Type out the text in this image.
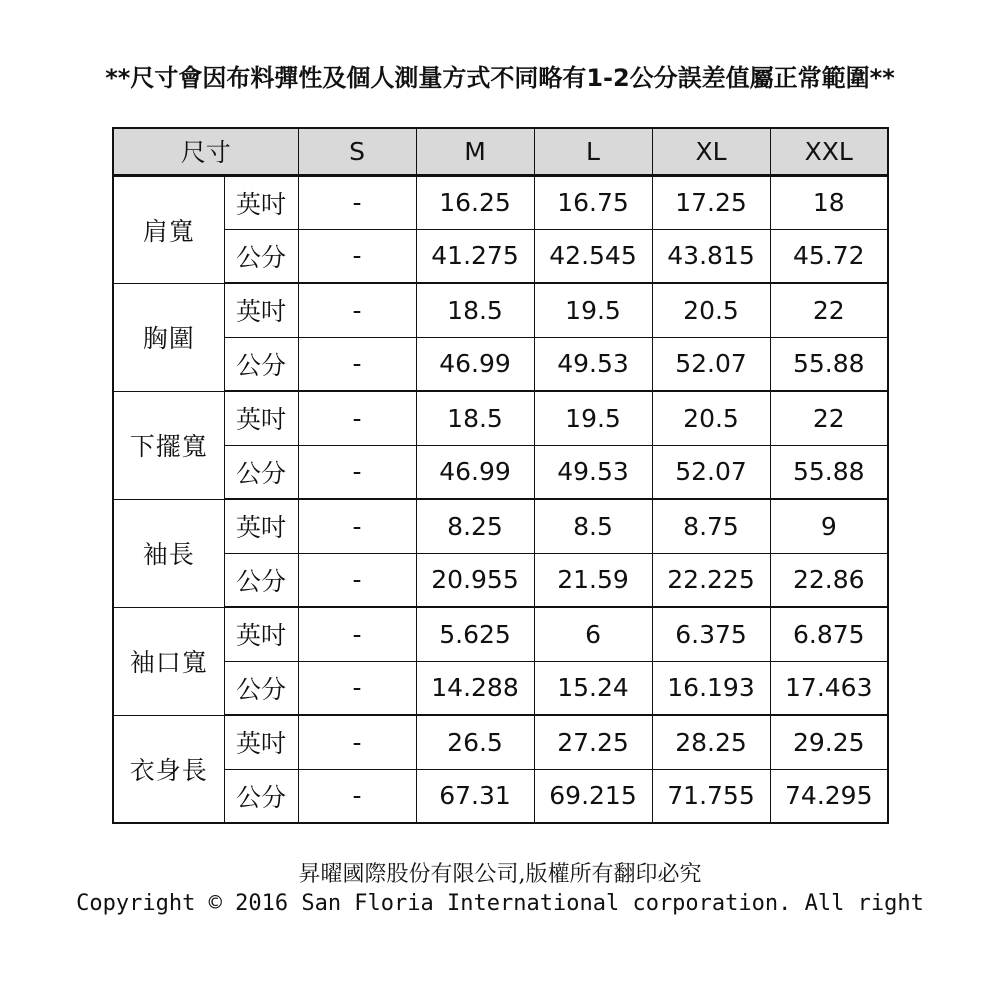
**尺寸會因布料彈性及個人測量方式不同略有1-2公分誤差值屬正常範圍**
尺寸		S	M	L	XL	XXL
肩寬	英吋	-	16.25	16.75	17.25	18
	公分	-	41.275	42.545	43.815	45.72
胸圍	英吋	-	18.5	19.5	20.5	22
	公分	-	46.99	49.53	52.07	55.88
下擺寬	英吋	-	18.5	19.5	20.5	22
	公分	-	46.99	49.53	52.07	55.88
袖長	英吋	-	8.25	8.5	8.75	9
	公分	-	20.955	21.59	22.225	22.86
袖口寬	英吋	-	5.625	6	6.375	6.875
	公分	-	14.288	15.24	16.193	17.463
衣身長	英吋	-	26.5	27.25	28.25	29.25
	公分	-	67.31	69.215	71.755	74.295
昇曜國際股份有限公司,版權所有翻印必究
Copyright © 2016 San Floria International corporation. All right
